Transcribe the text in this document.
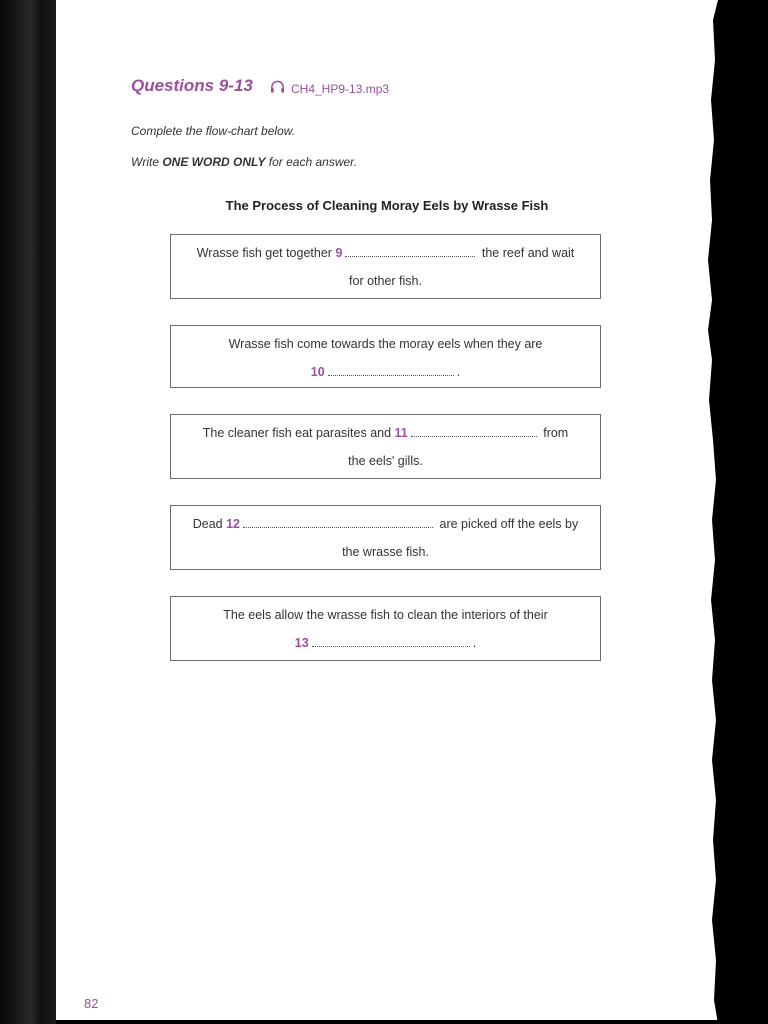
Questions 9-13	CH4_HP9-13.mp3
Complete the flow-chart below.
Write ONE WORD ONLY for each answer.
The Process of Cleaning Moray Eels by Wrasse Fish
Wrasse fish get together 9	the reef and wait
for other fish.
Wrasse fish come towards the moray eels when they are
10	.
The cleaner fish eat parasites and 11	from
the eels' gills.
Dead 12	are picked off the eels by
the wrasse fish.
The eels allow the wrasse fish to clean the interiors of their
13	.
82
